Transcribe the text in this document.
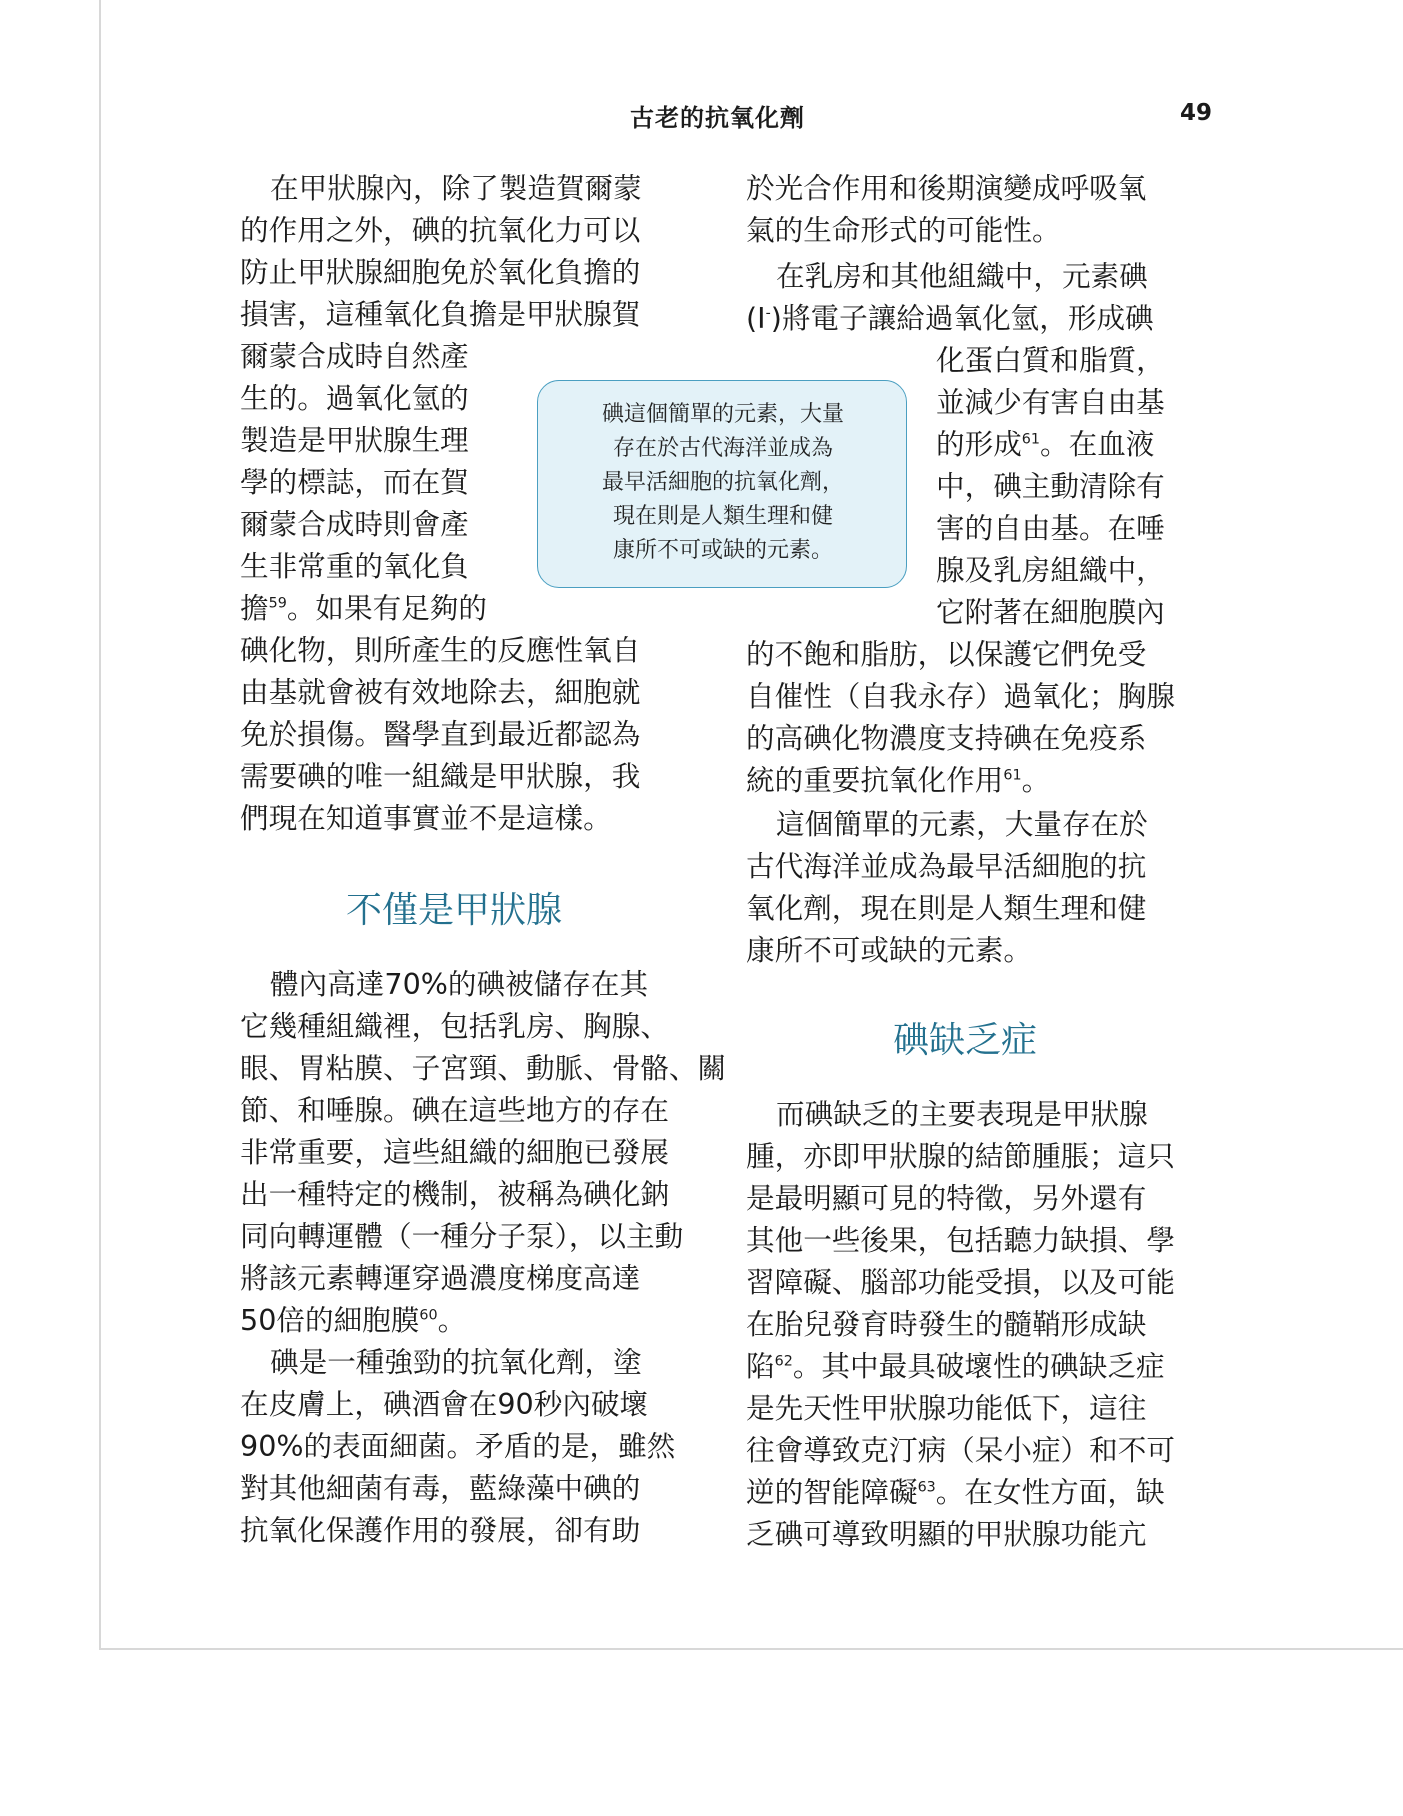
古老的抗氧化劑	49
在甲狀腺內，除了製造賀爾蒙
的作用之外，碘的抗氧化力可以
防止甲狀腺細胞免於氧化負擔的
損害，這種氧化負擔是甲狀腺賀
爾蒙合成時自然產
生的。過氧化氫的
製造是甲狀腺生理
學的標誌，而在賀
爾蒙合成時則會產
生非常重的氧化負
擔$^{59}$。如果有足夠的
碘化物，則所產生的反應性氧自
由基就會被有效地除去，細胞就
免於損傷。醫學直到最近都認為
需要碘的唯一組織是甲狀腺，我
們現在知道事實並不是這樣。
不僅是甲狀腺
體內高達70%的碘被儲存在其
它幾種組織裡，包括乳房、胸腺、
眼、胃粘膜、子宮頸、動脈、骨骼、關
節、和唾腺。碘在這些地方的存在
非常重要，這些組織的細胞已發展
出一種特定的機制，被稱為碘化鈉
同向轉運體（一種分子泵），以主動
將該元素轉運穿過濃度梯度高達
50倍的細胞膜$^{60}$。
碘是一種強勁的抗氧化劑，塗
在皮膚上，碘酒會在90秒內破壞
90%的表面細菌。矛盾的是，雖然
對其他細菌有毒，藍綠藻中碘的
抗氧化保護作用的發展，卻有助
碘這個簡單的元素，大量
存在於古代海洋並成為
最早活細胞的抗氧化劑，
現在則是人類生理和健
康所不可或缺的元素。
於光合作用和後期演變成呼吸氧
氣的生命形式的可能性。
在乳房和其他組織中，元素碘
(I-)將電子讓給過氧化氫，形成碘
化蛋白質和脂質，
並減少有害自由基
的形成$^{61}$。在血液
中，碘主動清除有
害的自由基。在唾
腺及乳房組織中，
它附著在細胞膜內
的不飽和脂肪，以保護它們免受
自催性（自我永存）過氧化；胸腺
的高碘化物濃度支持碘在免疫系
統的重要抗氧化作用$^{61}$。
這個簡單的元素，大量存在於
古代海洋並成為最早活細胞的抗
氧化劑，現在則是人類生理和健
康所不可或缺的元素。
碘缺乏症
而碘缺乏的主要表現是甲狀腺
腫，亦即甲狀腺的結節腫脹；這只
是最明顯可見的特徵，另外還有
其他一些後果，包括聽力缺損、學
習障礙、腦部功能受損，以及可能
在胎兒發育時發生的髓鞘形成缺
陷$^{62}$。其中最具破壞性的碘缺乏症
是先天性甲狀腺功能低下，這往
往會導致克汀病（呆小症）和不可
逆的智能障礙$^{63}$。在女性方面，缺
乏碘可導致明顯的甲狀腺功能亢
